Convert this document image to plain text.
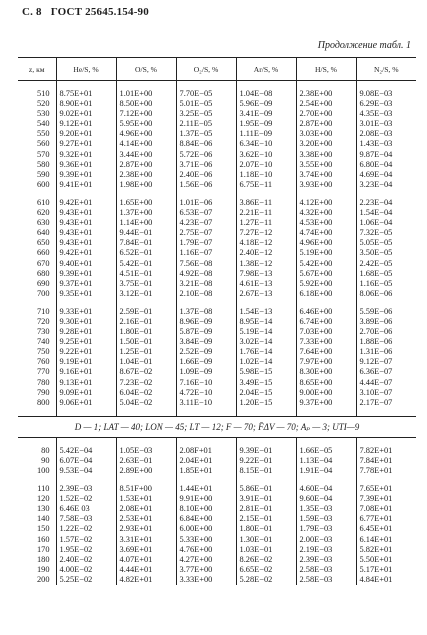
С. 8 ГОСТ 25645.154-90
Продолжение табл. 1
z, км	He/S, %	O/S, %	O₂/S, %	Ar/S, %	H/S, %	N₂/S, %

510	8.75E+01	1.01E+00	7.70E−05	1.04E−08	2.38E+00	9.08E−03
520	8.90E+01	8.50E+00	5.01E−05	5.96E−09	2.54E+00	6.29E−03
530	9.02E+01	7.12E+00	3.25E−05	3.41E−09	2.70E+00	4.35E−03
540	9.12E+01	5.95E+00	2.11E−05	1.95E−09	2.87E+00	3.01E−03
550	9.20E+01	4.96E+00	1.37E−05	1.11E−09	3.03E+00	2.08E−03
560	9.27E+01	4.14E+00	8.84E−06	6.34E−10	3.20E+00	1.43E−03
570	9.32E+01	3.44E+00	5.72E−06	3.62E−10	3.38E+00	9.87E−04
580	9.36E+01	2.87E+00	3.71E−06	2.07E−10	3.55E+00	6.80E−04
590	9.39E+01	2.38E+00	2.40E−06	1.18E−10	3.74E+00	4.69E−04
600	9.41E+01	1.98E+00	1.56E−06	6.75E−11	3.93E+00	3.23E−04

610	9.42E+01	1.65E+00	1.01E−06	3.86E−11	4.12E+00	2.23E−04
620	9.43E+01	1.37E+00	6.53E−07	2.21E−11	4.32E+00	1.54E−04
630	9.43E+01	1.14E+00	4.23E−07	1.27E−11	4.53E+00	1.06E−04
640	9.43E+01	9.44E−01	2.75E−07	7.27E−12	4.74E+00	7.32E−05
650	9.43E+01	7.84E−01	1.79E−07	4.18E−12	4.96E+00	5.05E−05
660	9.42E+01	6.52E−01	1.16E−07	2.40E−12	5.19E+00	3.50E−05
670	9.40E+01	5.42E−01	7.56E−08	1.38E−12	5.42E+00	2.42E−05
680	9.39E+01	4.51E−01	4.92E−08	7.98E−13	5.67E+00	1.68E−05
690	9.37E+01	3.75E−01	3.21E−08	4.61E−13	5.92E+00	1.16E−05
700	9.35E+01	3.12E−01	2.10E−08	2.67E−13	6.18E+00	8.06E−06

710	9.33E+01	2.59E−01	1.37E−08	1.54E−13	6.46E+00	5.59E−06
720	9.30E+01	2.16E−01	8.96E−09	8.95E−14	6.74E+00	3.89E−06
730	9.28E+01	1.80E−01	5.87E−09	5.19E−14	7.03E+00	2.70E−06
740	9.25E+01	1.50E−01	3.84E−09	3.02E−14	7.33E+00	1.88E−06
750	9.22E+01	1.25E−01	2.52E−09	1.76E−14	7.64E+00	1.31E−06
760	9.19E+01	1.04E−01	1.66E−09	1.02E−14	7.97E+00	9.12E−07
770	9.16E+01	8.67E−02	1.09E−09	5.98E−15	8.30E+00	6.36E−07
780	9.13E+01	7.23E−02	7.16E−10	3.49E−15	8.65E+00	4.44E−07
790	9.09E+01	6.04E−02	4.72E−10	2.04E−15	9.00E+00	3.10E−07
800	9.06E+01	5.04E−02	3.11E−10	1.20E−15	9.37E+00	2.17E−07

D — 1; LAT — 40; LON — 45; LT — 12; F — 70; F̄ΔV — 70; Aₚ — 3; UTI—9						

80	5.42E−04	1.05E−03	2.08F+01	9.39E−01	1.66E−05	7.82E+01
90	6.07E−04	2.63E−01	2.04E+01	9.22E−01	1.13E−04	7.84E+01
100	9.53E−04	2.89E+00	1.85E+01	8.15E−01	1.91E−04	7.78E+01

110	2.39E−03	8.51F+00	1.44E+01	5.86E−01	4.60E−04	7.65E+01
120	1.52E−02	1.53E+01	9.91E+00	3.91E−01	9.60E−04	7.39E+01
130	6.46E 03	2.08E+01	8.10E+00	2.81E−01	1.35E−03	7.08E+01
140	7.58E−03	2.53E+01	6.84E+00	2.15E−01	1.59E−03	6.77E+01
150	1.22E−02	2.93E+01	6.00E+00	1.80E−01	1.79E−03	6.45E+01
160	1.57E−02	3.31E+01	5.33E+00	1.30E−01	2.00E−03	6.14E+01
170	1.95E−02	3.69E+01	4.76E+00	1.03E−01	2.19E−03	5.82E+01
180	2.40E−02	4.07E+01	4.27E+00	8.26E−02	2.39E−03	5.50E+01
190	4.00E−02	4.44E+01	3.77E+00	6.65E−02	2.58E−03	5.17E+01
200	5.25E−02	4.82E+01	3.33E+00	5.28E−02	2.58E−03	4.84E+01
